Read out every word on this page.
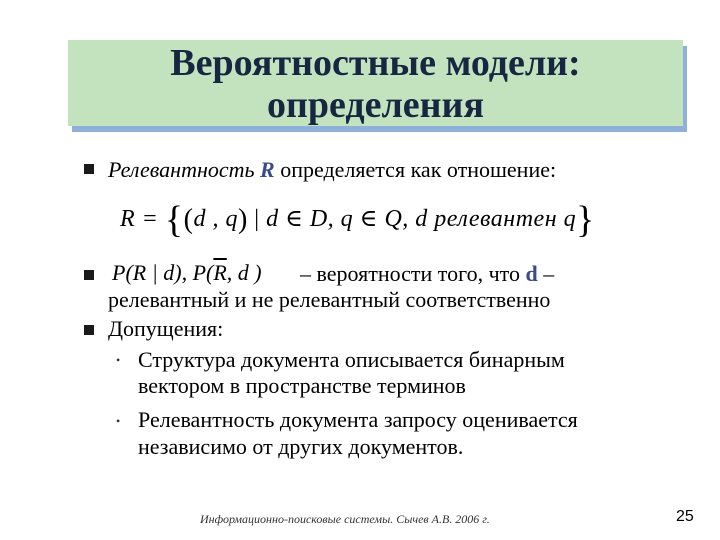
Вероятностные модели:
определения
Релевантность R определяется как отношение:
R = {(d , q) | d ∈ D, q ∈ Q, d релевантен q}
P(R | d), $P(\overline{R}$, d ) – вероятности того, что d –
релевантный и не релевантный соответственно
Допущения:
• Структура документа описывается бинарным
вектором в пространстве терминов
• Релевантность документа запросу оценивается
независимо от других документов.
Информационно-поисковые системы. Сычев А.В. 2006 г.	25
